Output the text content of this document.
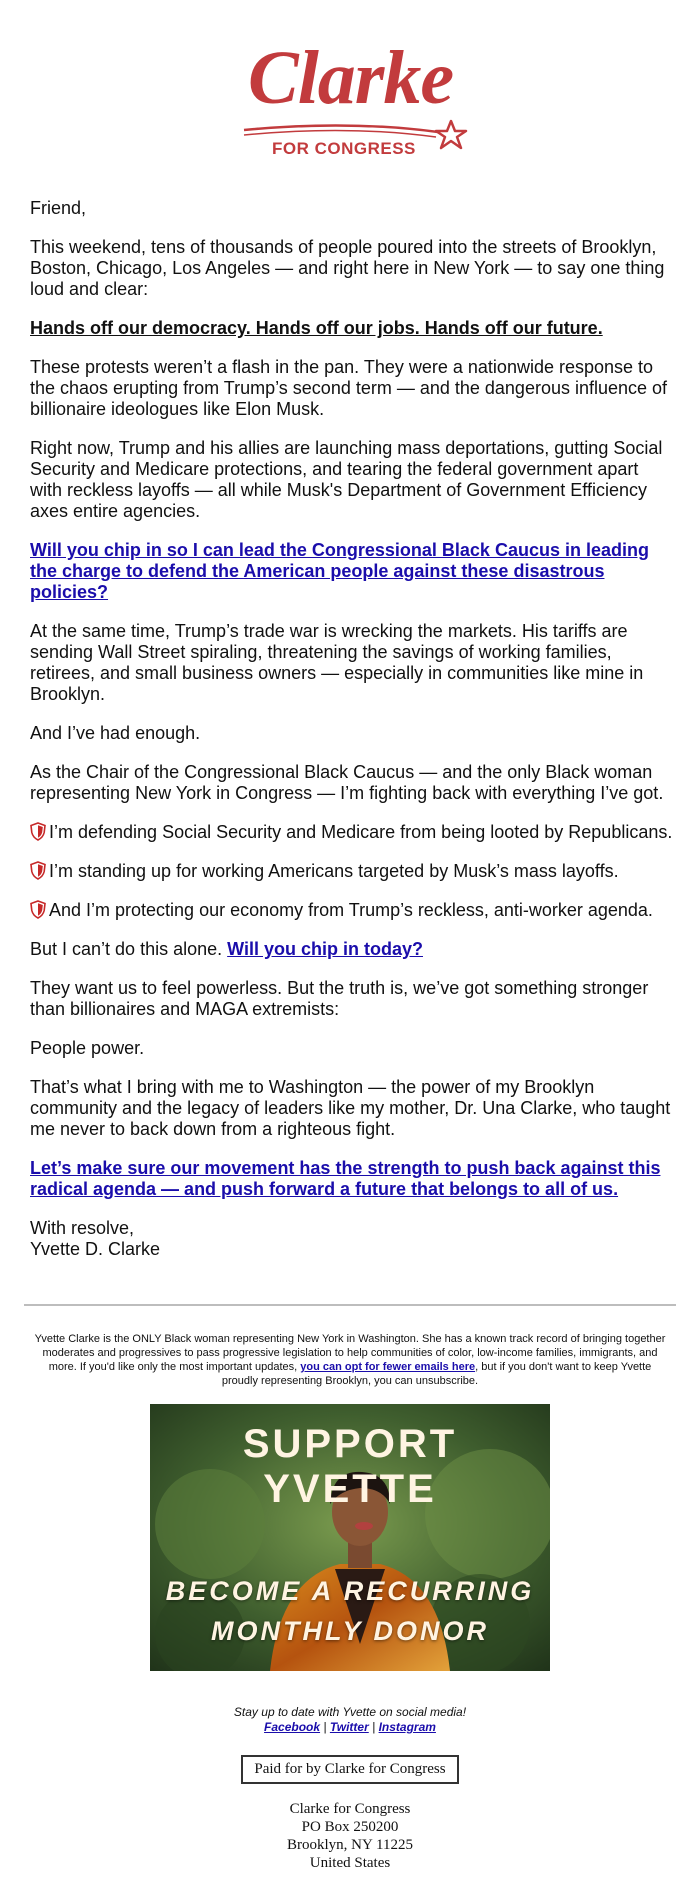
Clarke
FOR CONGRESS

Friend,

This weekend, tens of thousands of people poured into the streets of Brooklyn, Boston, Chicago, Los Angeles — and right here in New York — to say one thing loud and clear:

Hands off our democracy. Hands off our jobs. Hands off our future.

These protests weren’t a flash in the pan. They were a nationwide response to the chaos erupting from Trump’s second term — and the dangerous influence of billionaire ideologues like Elon Musk.

Right now, Trump and his allies are launching mass deportations, gutting Social Security and Medicare protections, and tearing the federal government apart with reckless layoffs — all while Musk's Department of Government Efficiency axes entire agencies.

Will you chip in so I can lead the Congressional Black Caucus in leading the charge to defend the American people against these disastrous policies?

At the same time, Trump’s trade war is wrecking the markets. His tariffs are sending Wall Street spiraling, threatening the savings of working families, retirees, and small business owners — especially in communities like mine in Brooklyn.

And I’ve had enough.

As the Chair of the Congressional Black Caucus — and the only Black woman representing New York in Congress — I’m fighting back with everything I’ve got.

I’m defending Social Security and Medicare from being looted by Republicans.

I’m standing up for working Americans targeted by Musk’s mass layoffs.

And I’m protecting our economy from Trump’s reckless, anti-worker agenda.

But I can’t do this alone. Will you chip in today?

They want us to feel powerless. But the truth is, we’ve got something stronger than billionaires and MAGA extremists:

People power.

That’s what I bring with me to Washington — the power of my Brooklyn community and the legacy of leaders like my mother, Dr. Una Clarke, who taught me never to back down from a righteous fight.

Let’s make sure our movement has the strength to push back against this radical agenda — and push forward a future that belongs to all of us.

With resolve,
Yvette D. Clarke

Yvette Clarke is the ONLY Black woman representing New York in Washington. She has a known track record of bringing together moderates and progressives to pass progressive legislation to help communities of color, low-income families, immigrants, and more. If you'd like only the most important updates, you can opt for fewer emails here, but if you don't want to keep Yvette proudly representing Brooklyn, you can unsubscribe.
SUPPORT YVETTE
BECOME A RECURRING
MONTHLY DONOR
Stay up to date with Yvette on social media!
Facebook | Twitter | Instagram
Paid for by Clarke for Congress
Clarke for Congress
PO Box 250200
Brooklyn, NY 11225
United States
